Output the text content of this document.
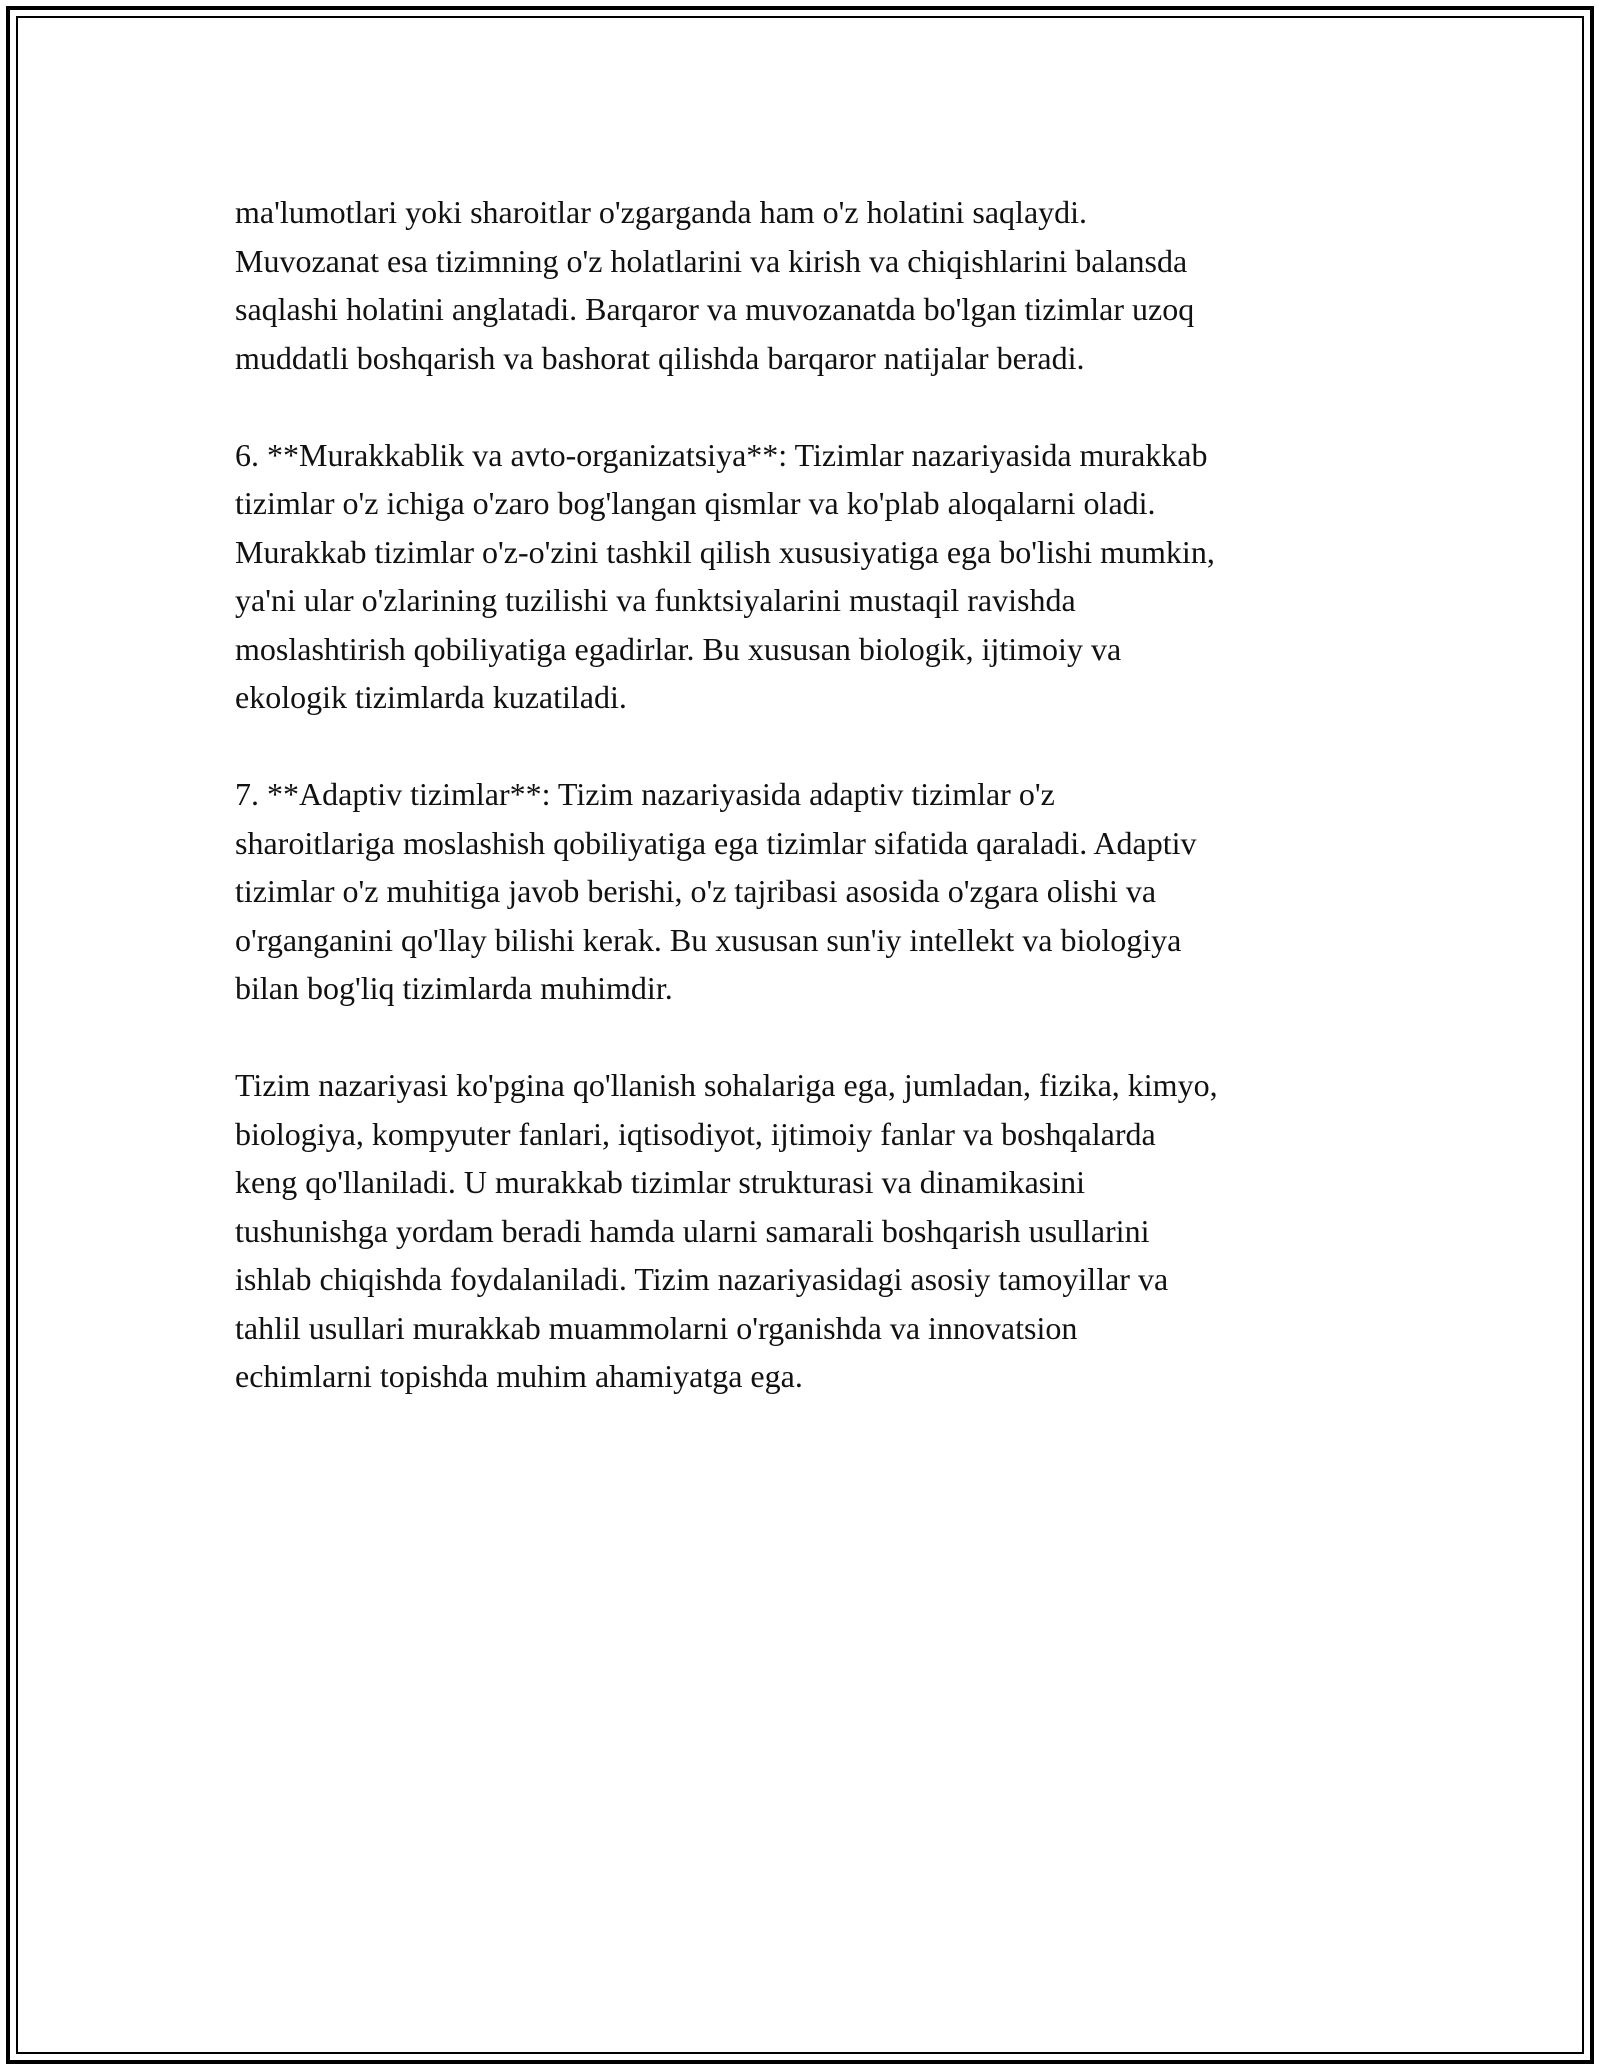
ma'lumotlari yoki sharoitlar o'zgarganda ham o'z holatini saqlaydi.
Muvozanat esa tizimning o'z holatlarini va kirish va chiqishlarini balansda
saqlashi holatini anglatadi. Barqaror va muvozanatda bo'lgan tizimlar uzoq
muddatli boshqarish va bashorat qilishda barqaror natijalar beradi.

6. **Murakkablik va avto-organizatsiya**: Tizimlar nazariyasida murakkab
tizimlar o'z ichiga o'zaro bog'langan qismlar va ko'plab aloqalarni oladi.
Murakkab tizimlar o'z-o'zini tashkil qilish xususiyatiga ega bo'lishi mumkin,
ya'ni ular o'zlarining tuzilishi va funktsiyalarini mustaqil ravishda
moslashtirish qobiliyatiga egadirlar. Bu xususan biologik, ijtimoiy va
ekologik tizimlarda kuzatiladi.

7. **Adaptiv tizimlar**: Tizim nazariyasida adaptiv tizimlar o'z
sharoitlariga moslashish qobiliyatiga ega tizimlar sifatida qaraladi. Adaptiv
tizimlar o'z muhitiga javob berishi, o'z tajribasi asosida o'zgara olishi va
o'rganganini qo'llay bilishi kerak. Bu xususan sun'iy intellekt va biologiya
bilan bog'liq tizimlarda muhimdir.

Tizim nazariyasi ko'pgina qo'llanish sohalariga ega, jumladan, fizika, kimyo,
biologiya, kompyuter fanlari, iqtisodiyot, ijtimoiy fanlar va boshqalarda
keng qo'llaniladi. U murakkab tizimlar strukturasi va dinamikasini
tushunishga yordam beradi hamda ularni samarali boshqarish usullarini
ishlab chiqishda foydalaniladi. Tizim nazariyasidagi asosiy tamoyillar va
tahlil usullari murakkab muammolarni o'rganishda va innovatsion
echimlarni topishda muhim ahamiyatga ega.
